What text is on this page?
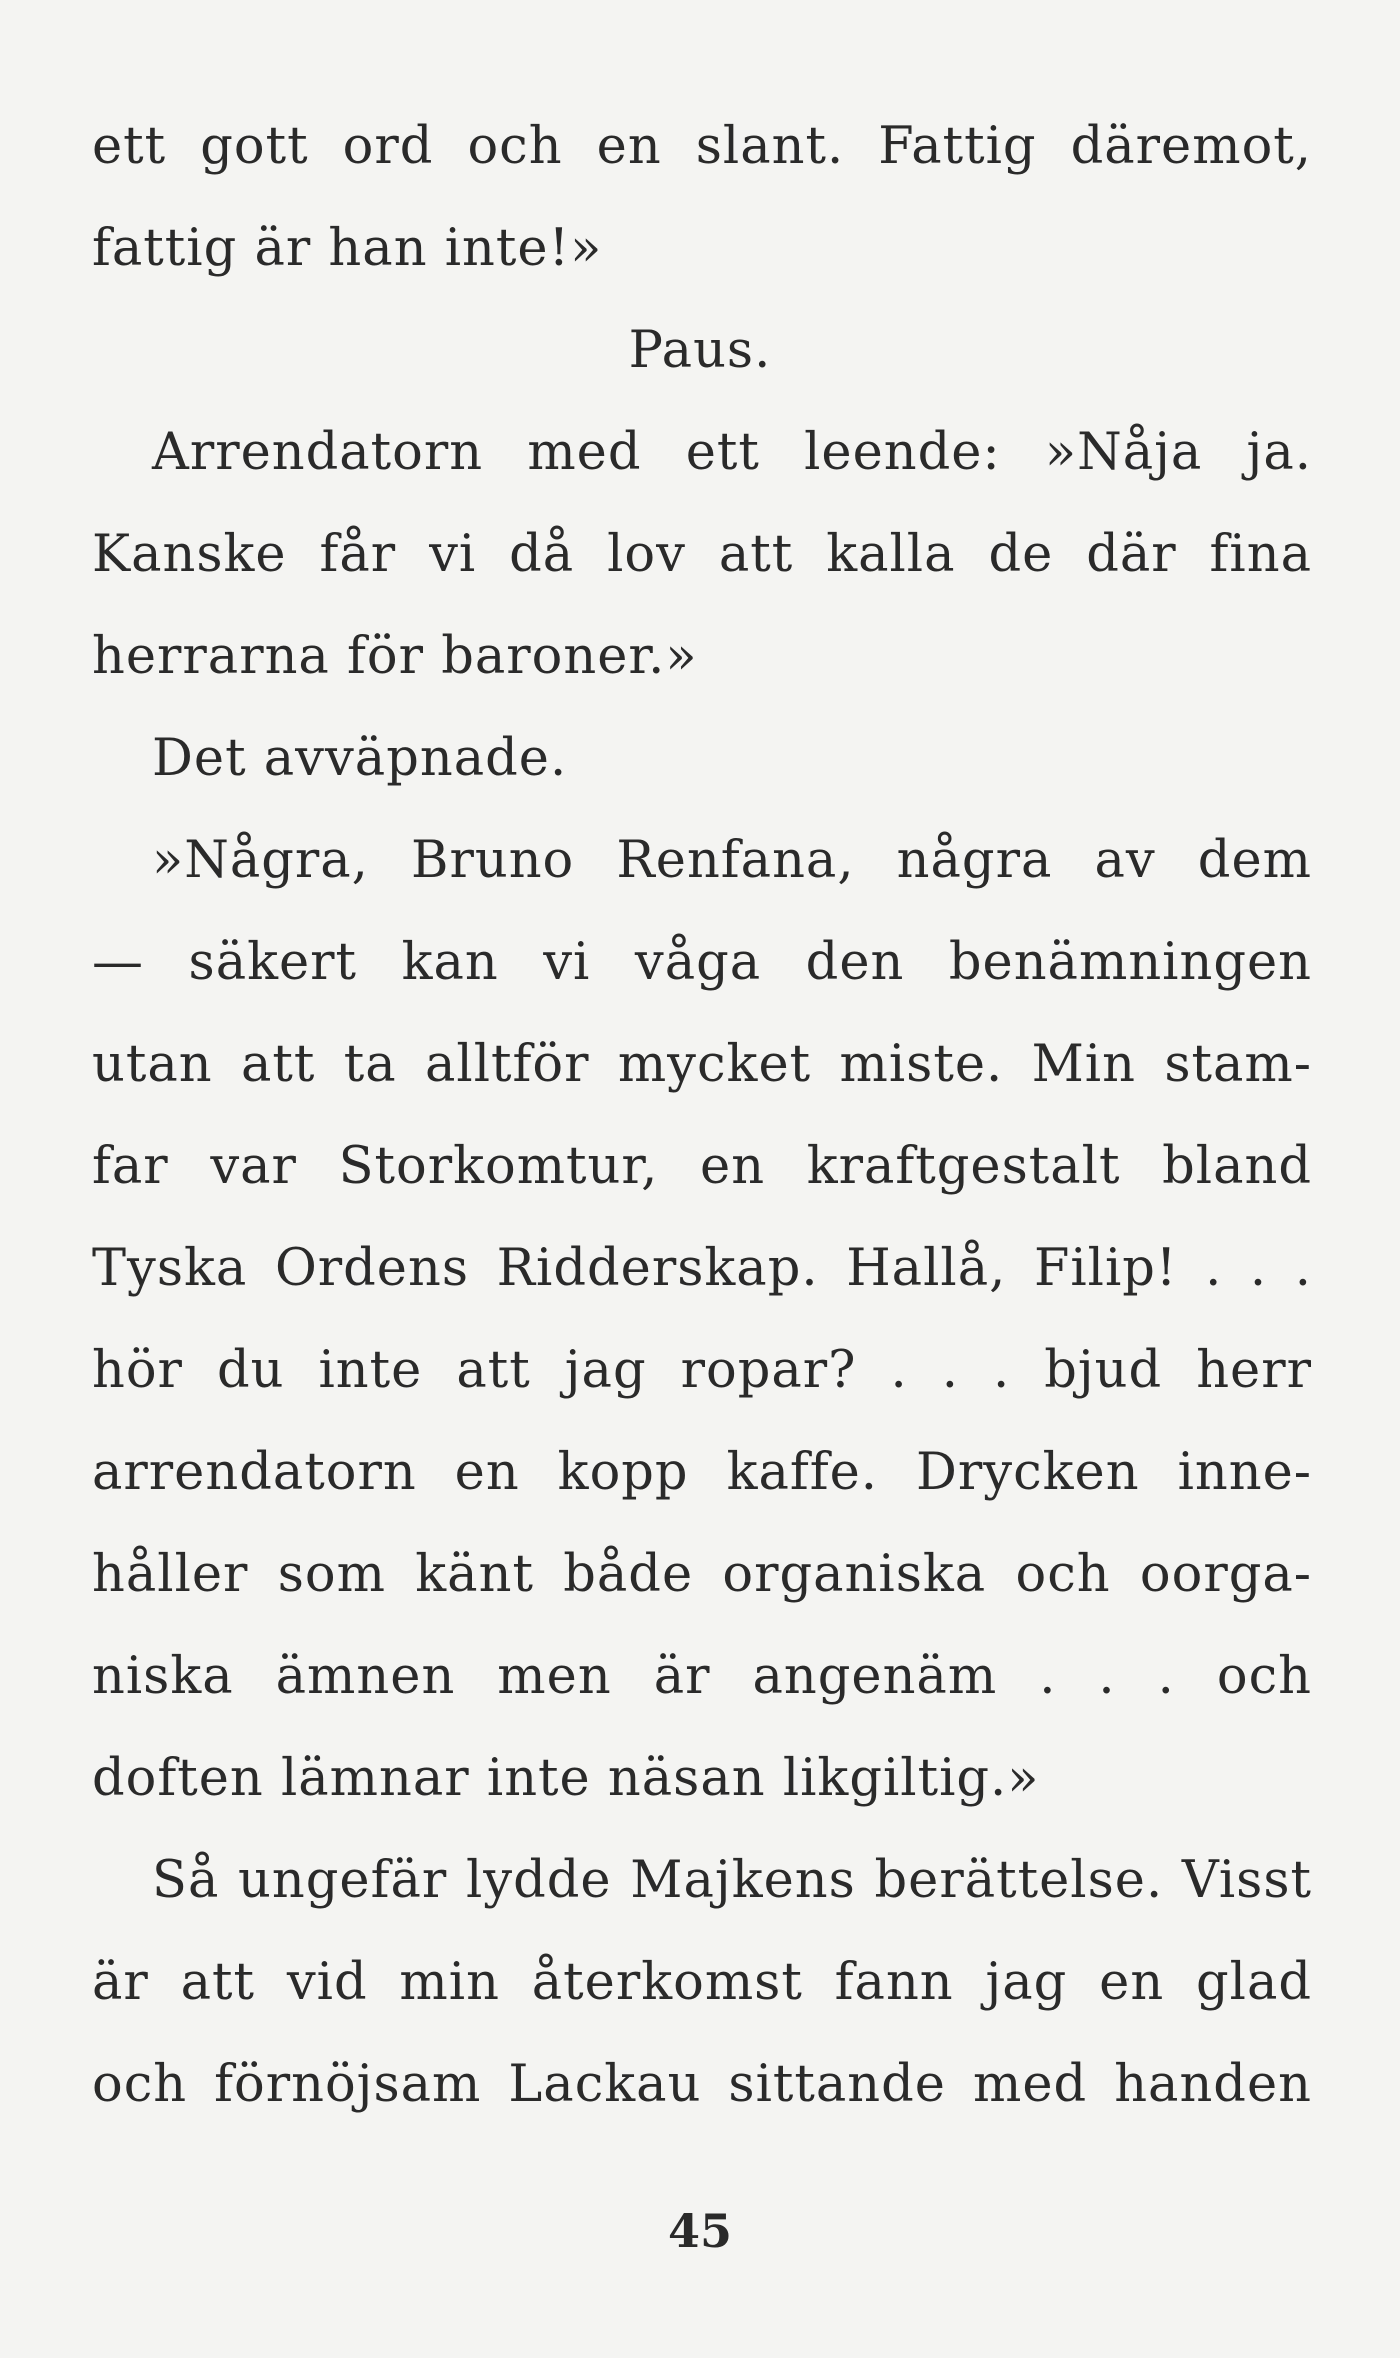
ett gott ord och en slant. Fattig däremot,
fattig är han inte!»
Paus.
Arrendatorn med ett leende: »Nåja ja.
Kanske får vi då lov att kalla de där fina
herrarna för baroner.»
Det avväpnade.
»Några, Bruno Renfana, några av dem
— säkert kan vi våga den benämningen
utan att ta alltför mycket miste. Min stam-
far var Storkomtur, en kraftgestalt bland
Tyska Ordens Ridderskap. Hallå, Filip! . . .
hör du inte att jag ropar? . . . bjud herr
arrendatorn en kopp kaffe. Drycken inne-
håller som känt både organiska och oorga-
niska ämnen men är angenäm . . . och
doften lämnar inte näsan likgiltig.»
Så ungefär lydde Majkens berättelse. Visst
är att vid min återkomst fann jag en glad
och förnöjsam Lackau sittande med handen
45
